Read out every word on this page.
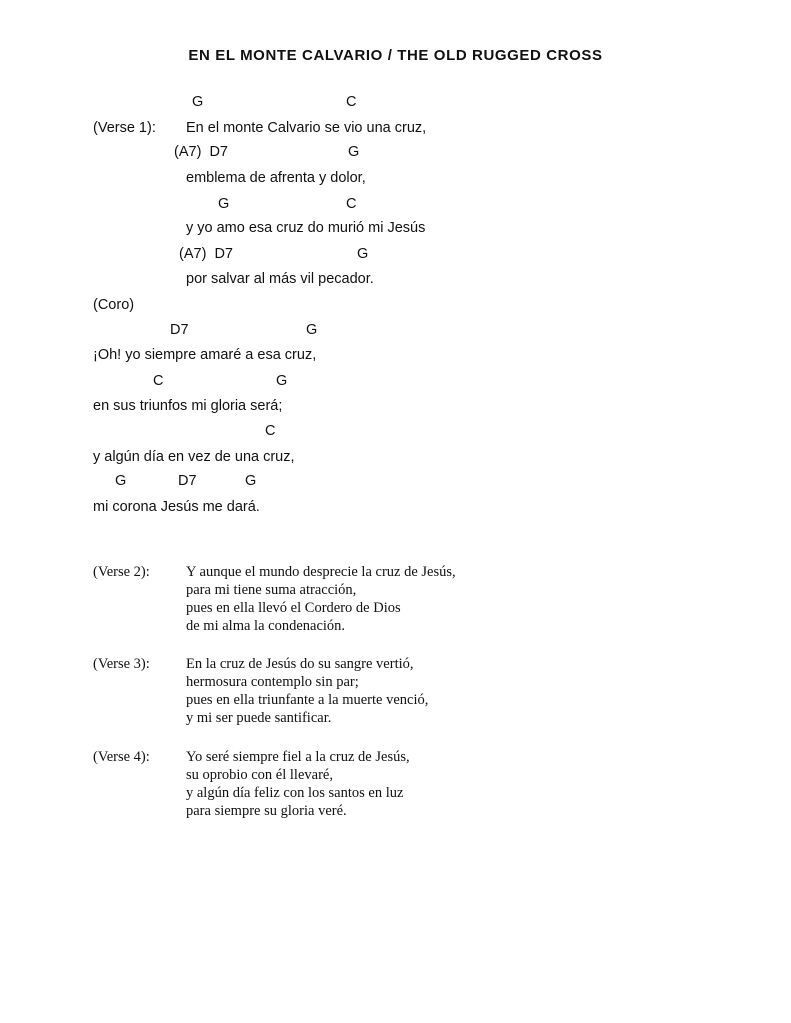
EN EL MONTE CALVARIO / THE OLD RUGGED CROSS
G	C
(Verse 1): En el monte Calvario se vio una cruz,
(A7)  D7	G
emblema de afrenta y dolor,
G	C
y yo amo esa cruz do murió mi Jesús
(A7)  D7	G
por salvar al más vil pecador.
(Coro)
D7	G
¡Oh! yo siempre amaré a esa cruz,
C	G
en sus triunfos mi gloria será;
C
y algún día en vez de una cruz,
G	D7	G
mi corona Jesús me dará.
(Verse 2): Y aunque el mundo desprecie la cruz de Jesús,
para mi tiene suma atracción,
pues en ella llevó el Cordero de Dios
de mi alma la condenación.
(Verse 3): En la cruz de Jesús do su sangre vertió,
hermosura contemplo sin par;
pues en ella triunfante a la muerte venció,
y mi ser puede santificar.
(Verse 4): Yo seré siempre fiel a la cruz de Jesús,
su oprobio con él llevaré,
y algún día feliz con los santos en luz
para siempre su gloria veré.
